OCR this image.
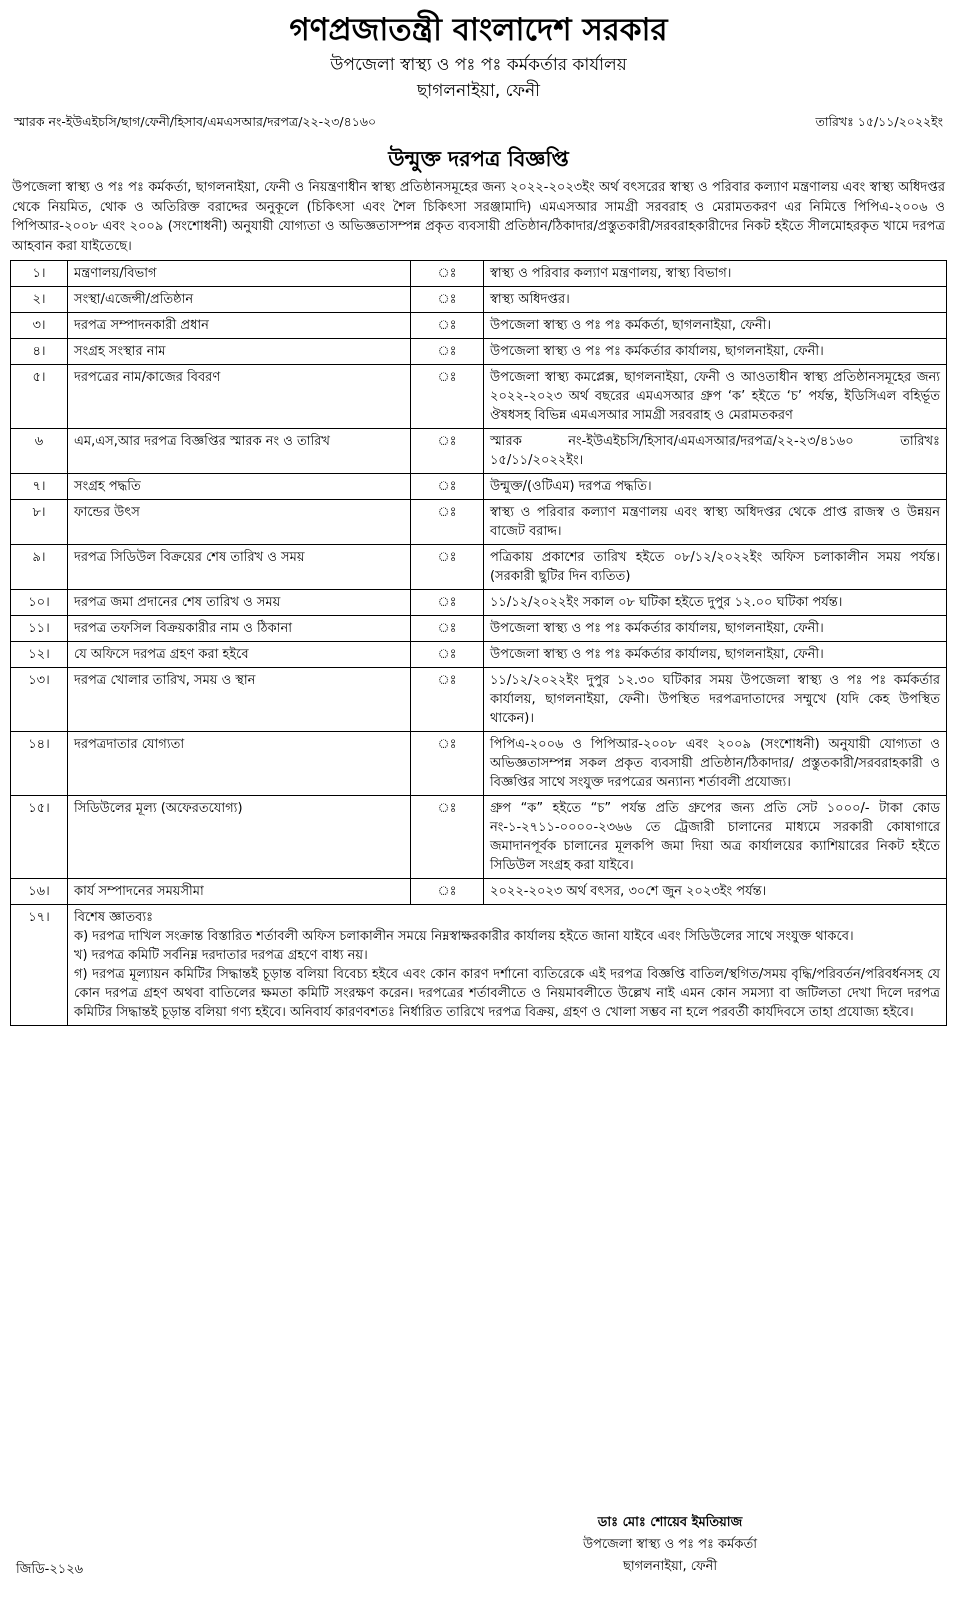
গণপ্রজাতন্ত্রী বাংলাদেশ সরকার
উপজেলা স্বাস্থ্য ও পঃ পঃ কর্মকর্তার কার্যালয়
ছাগলনাইয়া, ফেনী
স্মারক নং-ইউএইচসি/ছাগ/ফেনী/হিসাব/এমএসআর/দরপত্র/২২-২৩/৪১৬০	তারিখঃ ১৫/১১/২০২২ইং
উন্মুক্ত দরপত্র বিজ্ঞপ্তি

উপজেলা স্বাস্থ্য ও পঃ পঃ কর্মকর্তা, ছাগলনাইয়া, ফেনী ও নিয়ন্ত্রণাধীন স্বাস্থ্য প্রতিষ্ঠানসমূহের জন্য ২০২২-২০২৩ইং অর্থ বৎসরের স্বাস্থ্য ও পরিবার কল্যাণ মন্ত্রণালয় এবং স্বাস্থ্য অধিদপ্তর থেকে নিয়মিত, থোক ও অতিরিক্ত বরাদ্দের অনুকূলে (চিকিৎসা এবং শৈল চিকিৎসা সরঞ্জামাদি) এমএসআর সামগ্রী সরবরাহ ও মেরামতকরণ এর নিমিত্তে পিপিএ-২০০৬ ও পিপিআর-২০০৮ এবং ২০০৯ (সংশোধনী) অনুযায়ী যোগ্যতা ও অভিজ্ঞতাসম্পন্ন প্রকৃত ব্যবসায়ী প্রতিষ্ঠান/ঠিকাদার/প্রস্তুতকারী/সরবরাহকারীদের নিকট হইতে সীলমোহরকৃত খামে দরপত্র আহবান করা যাইতেছে।

১।	মন্ত্রণালয়/বিভাগ	ঃ	স্বাস্থ্য ও পরিবার কল্যাণ মন্ত্রণালয়, স্বাস্থ্য বিভাগ।
২।	সংস্থা/এজেন্সী/প্রতিষ্ঠান	ঃ	স্বাস্থ্য অধিদপ্তর।
৩।	দরপত্র সম্পাদনকারী প্রধান	ঃ	উপজেলা স্বাস্থ্য ও পঃ পঃ কর্মকর্তা, ছাগলনাইয়া, ফেনী।
৪।	সংগ্রহ সংস্থার নাম	ঃ	উপজেলা স্বাস্থ্য ও পঃ পঃ কর্মকর্তার কার্যালয়, ছাগলনাইয়া, ফেনী।
৫।	দরপত্রের নাম/কাজের বিবরণ	ঃ	উপজেলা স্বাস্থ্য কমপ্লেক্স, ছাগলনাইয়া, ফেনী ও আওতাধীন স্বাস্থ্য প্রতিষ্ঠানসমূহের জন্য ২০২২-২০২৩ অর্থ বছরের এমএসআর গ্রুপ ‘ক’ হইতে ‘চ’ পর্যন্ত, ইডিসিএল বহির্ভূত ঔষধসহ বিভিন্ন এমএসআর সামগ্রী সরবরাহ ও মেরামতকরণ
৬	এম,এস,আর দরপত্র বিজ্ঞপ্তির স্মারক নং ও তারিখ	ঃ	স্মারক নং-ইউএইচসি/হিসাব/এমএসআর/দরপত্র/২২-২৩/৪১৬০ তারিখঃ ১৫/১১/২০২২ইং।
৭।	সংগ্রহ পদ্ধতি	ঃ	উন্মুক্ত/(ওটিএম) দরপত্র পদ্ধতি।
৮।	ফান্ডের উৎস	ঃ	স্বাস্থ্য ও পরিবার কল্যাণ মন্ত্রণালয় এবং স্বাস্থ্য অধিদপ্তর থেকে প্রাপ্ত রাজস্ব ও উন্নয়ন বাজেট বরাদ্দ।
৯।	দরপত্র সিডিউল বিক্রয়ের শেষ তারিখ ও সময়	ঃ	পত্রিকায় প্রকাশের তারিখ হইতে ০৮/১২/২০২২ইং অফিস চলাকালীন সময় পর্যন্ত। (সরকারী ছুটির দিন ব্যতিত)
১০।	দরপত্র জমা প্রদানের শেষ তারিখ ও সময়	ঃ	১১/১২/২০২২ইং সকাল ০৮ ঘটিকা হইতে দুপুর ১২.০০ ঘটিকা পর্যন্ত।
১১।	দরপত্র তফসিল বিক্রয়কারীর নাম ও ঠিকানা	ঃ	উপজেলা স্বাস্থ্য ও পঃ পঃ কর্মকর্তার কার্যালয়, ছাগলনাইয়া, ফেনী।
১২।	যে অফিসে দরপত্র গ্রহণ করা হইবে	ঃ	উপজেলা স্বাস্থ্য ও পঃ পঃ কর্মকর্তার কার্যালয়, ছাগলনাইয়া, ফেনী।
১৩।	দরপত্র খোলার তারিখ, সময় ও স্থান	ঃ	১১/১২/২০২২ইং দুপুর ১২.৩০ ঘটিকার সময় উপজেলা স্বাস্থ্য ও পঃ পঃ কর্মকর্তার কার্যালয়, ছাগলনাইয়া, ফেনী। উপস্থিত দরপত্রদাতাদের সম্মুখে (যদি কেহ উপস্থিত থাকেন)।
১৪।	দরপত্রদাতার যোগ্যতা	ঃ	পিপিএ-২০০৬ ও পিপিআর-২০০৮ এবং ২০০৯ (সংশোধনী) অনুযায়ী যোগ্যতা ও অভিজ্ঞতাসম্পন্ন সকল প্রকৃত ব্যবসায়ী প্রতিষ্ঠান/ঠিকাদার/ প্রস্তুতকারী/সরবরাহকারী ও বিজ্ঞপ্তির সাথে সংযুক্ত দরপত্রের অন্যান্য শর্তাবলী প্রযোজ্য।
১৫।	সিডিউলের মূল্য (অফেরতযোগ্য)	ঃ	গ্রুপ “ক” হইতে “চ” পর্যন্ত প্রতি গ্রুপের জন্য প্রতি সেট ১০০০/- টাকা কোড নং-১-২৭১১-০০০০-২৩৬৬ তে ট্রেজারী চালানের মাধ্যমে সরকারী কোষাগারে জমাদানপূর্বক চালানের মূলকপি জমা দিয়া অত্র কার্যালয়ের ক্যাশিয়ারের নিকট হইতে সিডিউল সংগ্রহ করা যাইবে।
১৬।	কার্য সম্পাদনের সময়সীমা	ঃ	২০২২-২০২৩ অর্থ বৎসর, ৩০শে জুন ২০২৩ইং পর্যন্ত।
১৭।	বিশেষ জ্ঞাতব্যঃ
ক) দরপত্র দাখিল সংক্রান্ত বিস্তারিত শর্তাবলী অফিস চলাকালীন সময়ে নিম্নস্বাক্ষরকারীর কার্যালয় হইতে জানা যাইবে এবং সিডিউলের সাথে সংযুক্ত থাকবে।
খ) দরপত্র কমিটি সর্বনিম্ন দরদাতার দরপত্র গ্রহণে বাধ্য নয়।
গ) দরপত্র মূল্যায়ন কমিটির সিদ্ধান্তই চূড়ান্ত বলিয়া বিবেচ্য হইবে এবং কোন কারণ দর্শানো ব্যতিরেকে এই দরপত্র বিজ্ঞপ্তি বাতিল/স্থগিত/সময় বৃদ্ধি/পরিবর্তন/পরিবর্ধনসহ যে কোন দরপত্র গ্রহণ অথবা বাতিলের ক্ষমতা কমিটি সংরক্ষণ করেন। দরপত্রের শর্তাবলীতে ও নিয়মাবলীতে উল্লেখ নাই এমন কোন সমস্যা বা জটিলতা দেখা দিলে দরপত্র কমিটির সিদ্ধান্তই চূড়ান্ত বলিয়া গণ্য হইবে। অনিবার্য কারণবশতঃ নির্ধারিত তারিখে দরপত্র বিক্রয়, গ্রহণ ও খোলা সম্ভব না হলে পরবর্তী কার্যদিবসে তাহা প্রযোজ্য হইবে।		
ডাঃ মোঃ শোয়েব ইমতিয়াজ
উপজেলা স্বাস্থ্য ও পঃ পঃ কর্মকর্তা
ছাগলনাইয়া, ফেনী
জিডি-২১২৬
